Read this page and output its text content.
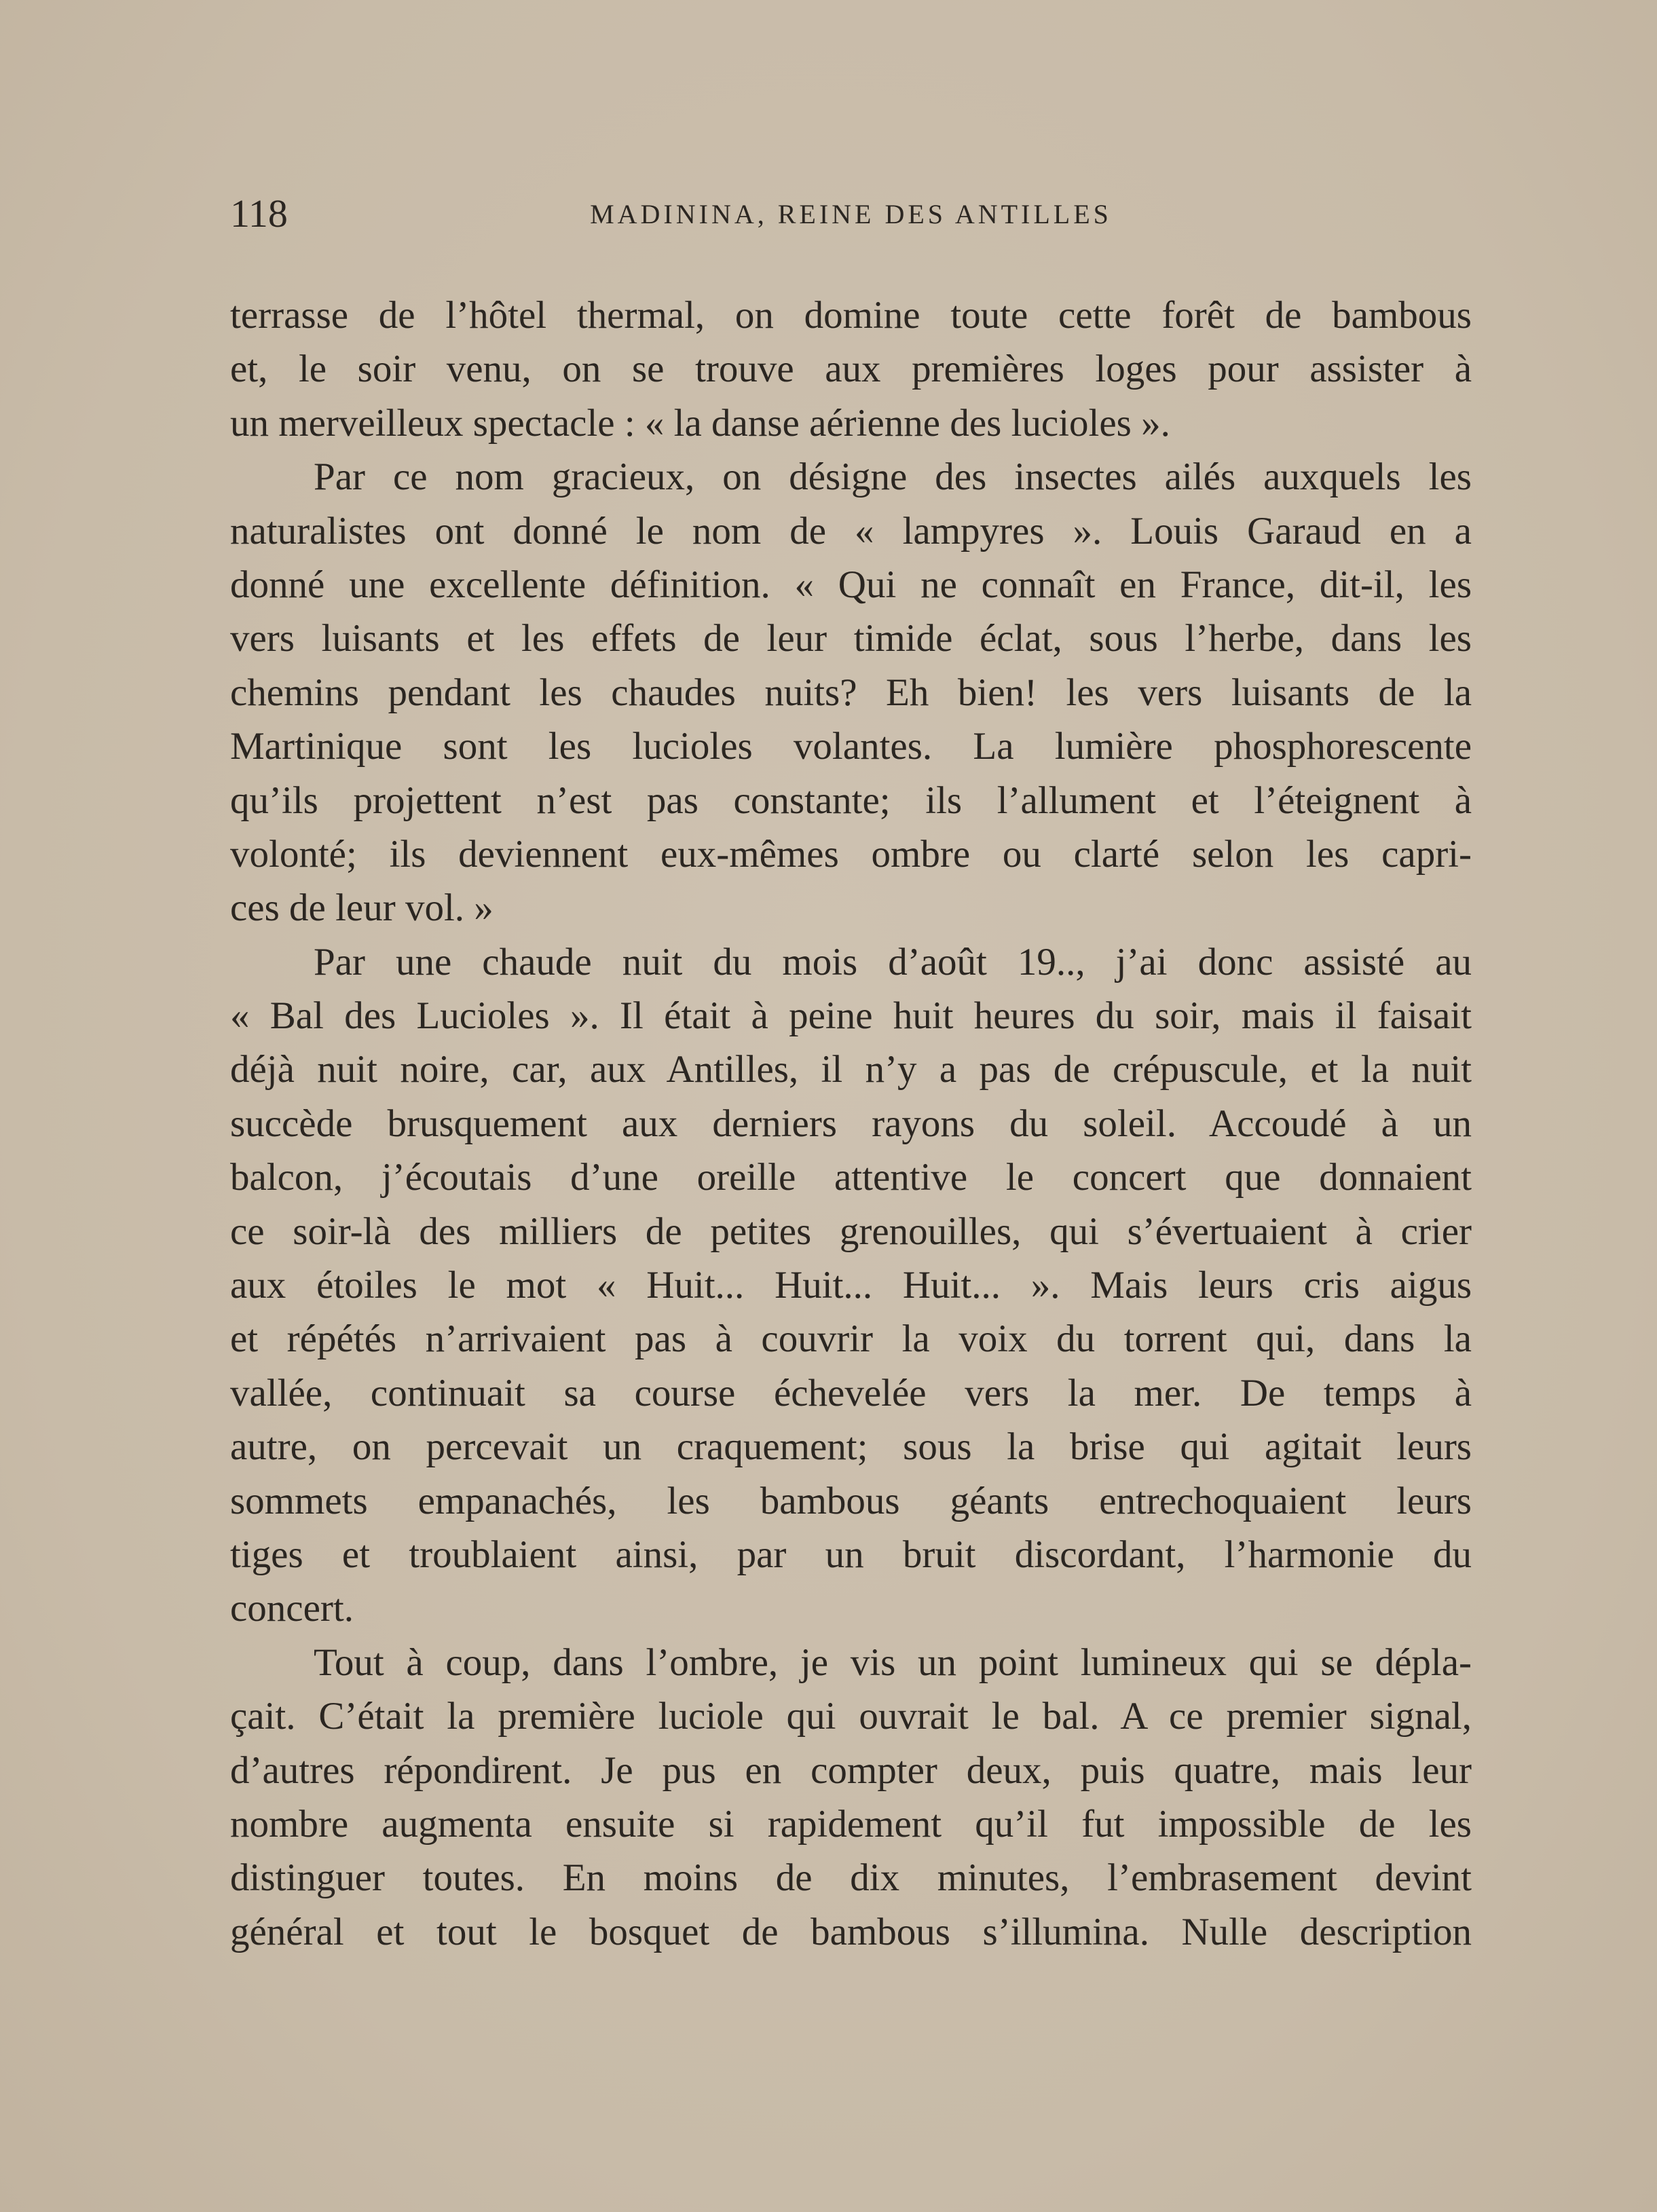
118	MADININA, REINE DES ANTILLES
terrasse de l’hôtel thermal, on domine toute cette forêt de bambous
et, le soir venu, on se trouve aux premières loges pour assister à
un merveilleux spectacle : « la danse aérienne des lucioles ».
Par ce nom gracieux, on désigne des insectes ailés auxquels les
naturalistes ont donné le nom de « lampyres ». Louis Garaud en a
donné une excellente définition. « Qui ne connaît en France, dit-il, les
vers luisants et les effets de leur timide éclat, sous l’herbe, dans les
chemins pendant les chaudes nuits? Eh bien! les vers luisants de la
Martinique sont les lucioles volantes. La lumière phosphorescente
qu’ils projettent n’est pas constante; ils l’allument et l’éteignent à
volonté; ils deviennent eux-mêmes ombre ou clarté selon les capri-
ces de leur vol. »
Par une chaude nuit du mois d’août 19.., j’ai donc assisté au
« Bal des Lucioles ». Il était à peine huit heures du soir, mais il faisait
déjà nuit noire, car, aux Antilles, il n’y a pas de crépuscule, et la nuit
succède brusquement aux derniers rayons du soleil. Accoudé à un
balcon, j’écoutais d’une oreille attentive le concert que donnaient
ce soir-là des milliers de petites grenouilles, qui s’évertuaient à crier
aux étoiles le mot « Huit... Huit... Huit... ». Mais leurs cris aigus
et répétés n’arrivaient pas à couvrir la voix du torrent qui, dans la
vallée, continuait sa course échevelée vers la mer. De temps à
autre, on percevait un craquement; sous la brise qui agitait leurs
sommets empanachés, les bambous géants entrechoquaient leurs
tiges et troublaient ainsi, par un bruit discordant, l’harmonie du
concert.
Tout à coup, dans l’ombre, je vis un point lumineux qui se dépla-
çait. C’était la première luciole qui ouvrait le bal. A ce premier signal,
d’autres répondirent. Je pus en compter deux, puis quatre, mais leur
nombre augmenta ensuite si rapidement qu’il fut impossible de les
distinguer toutes. En moins de dix minutes, l’embrasement devint
général et tout le bosquet de bambous s’illumina. Nulle description
